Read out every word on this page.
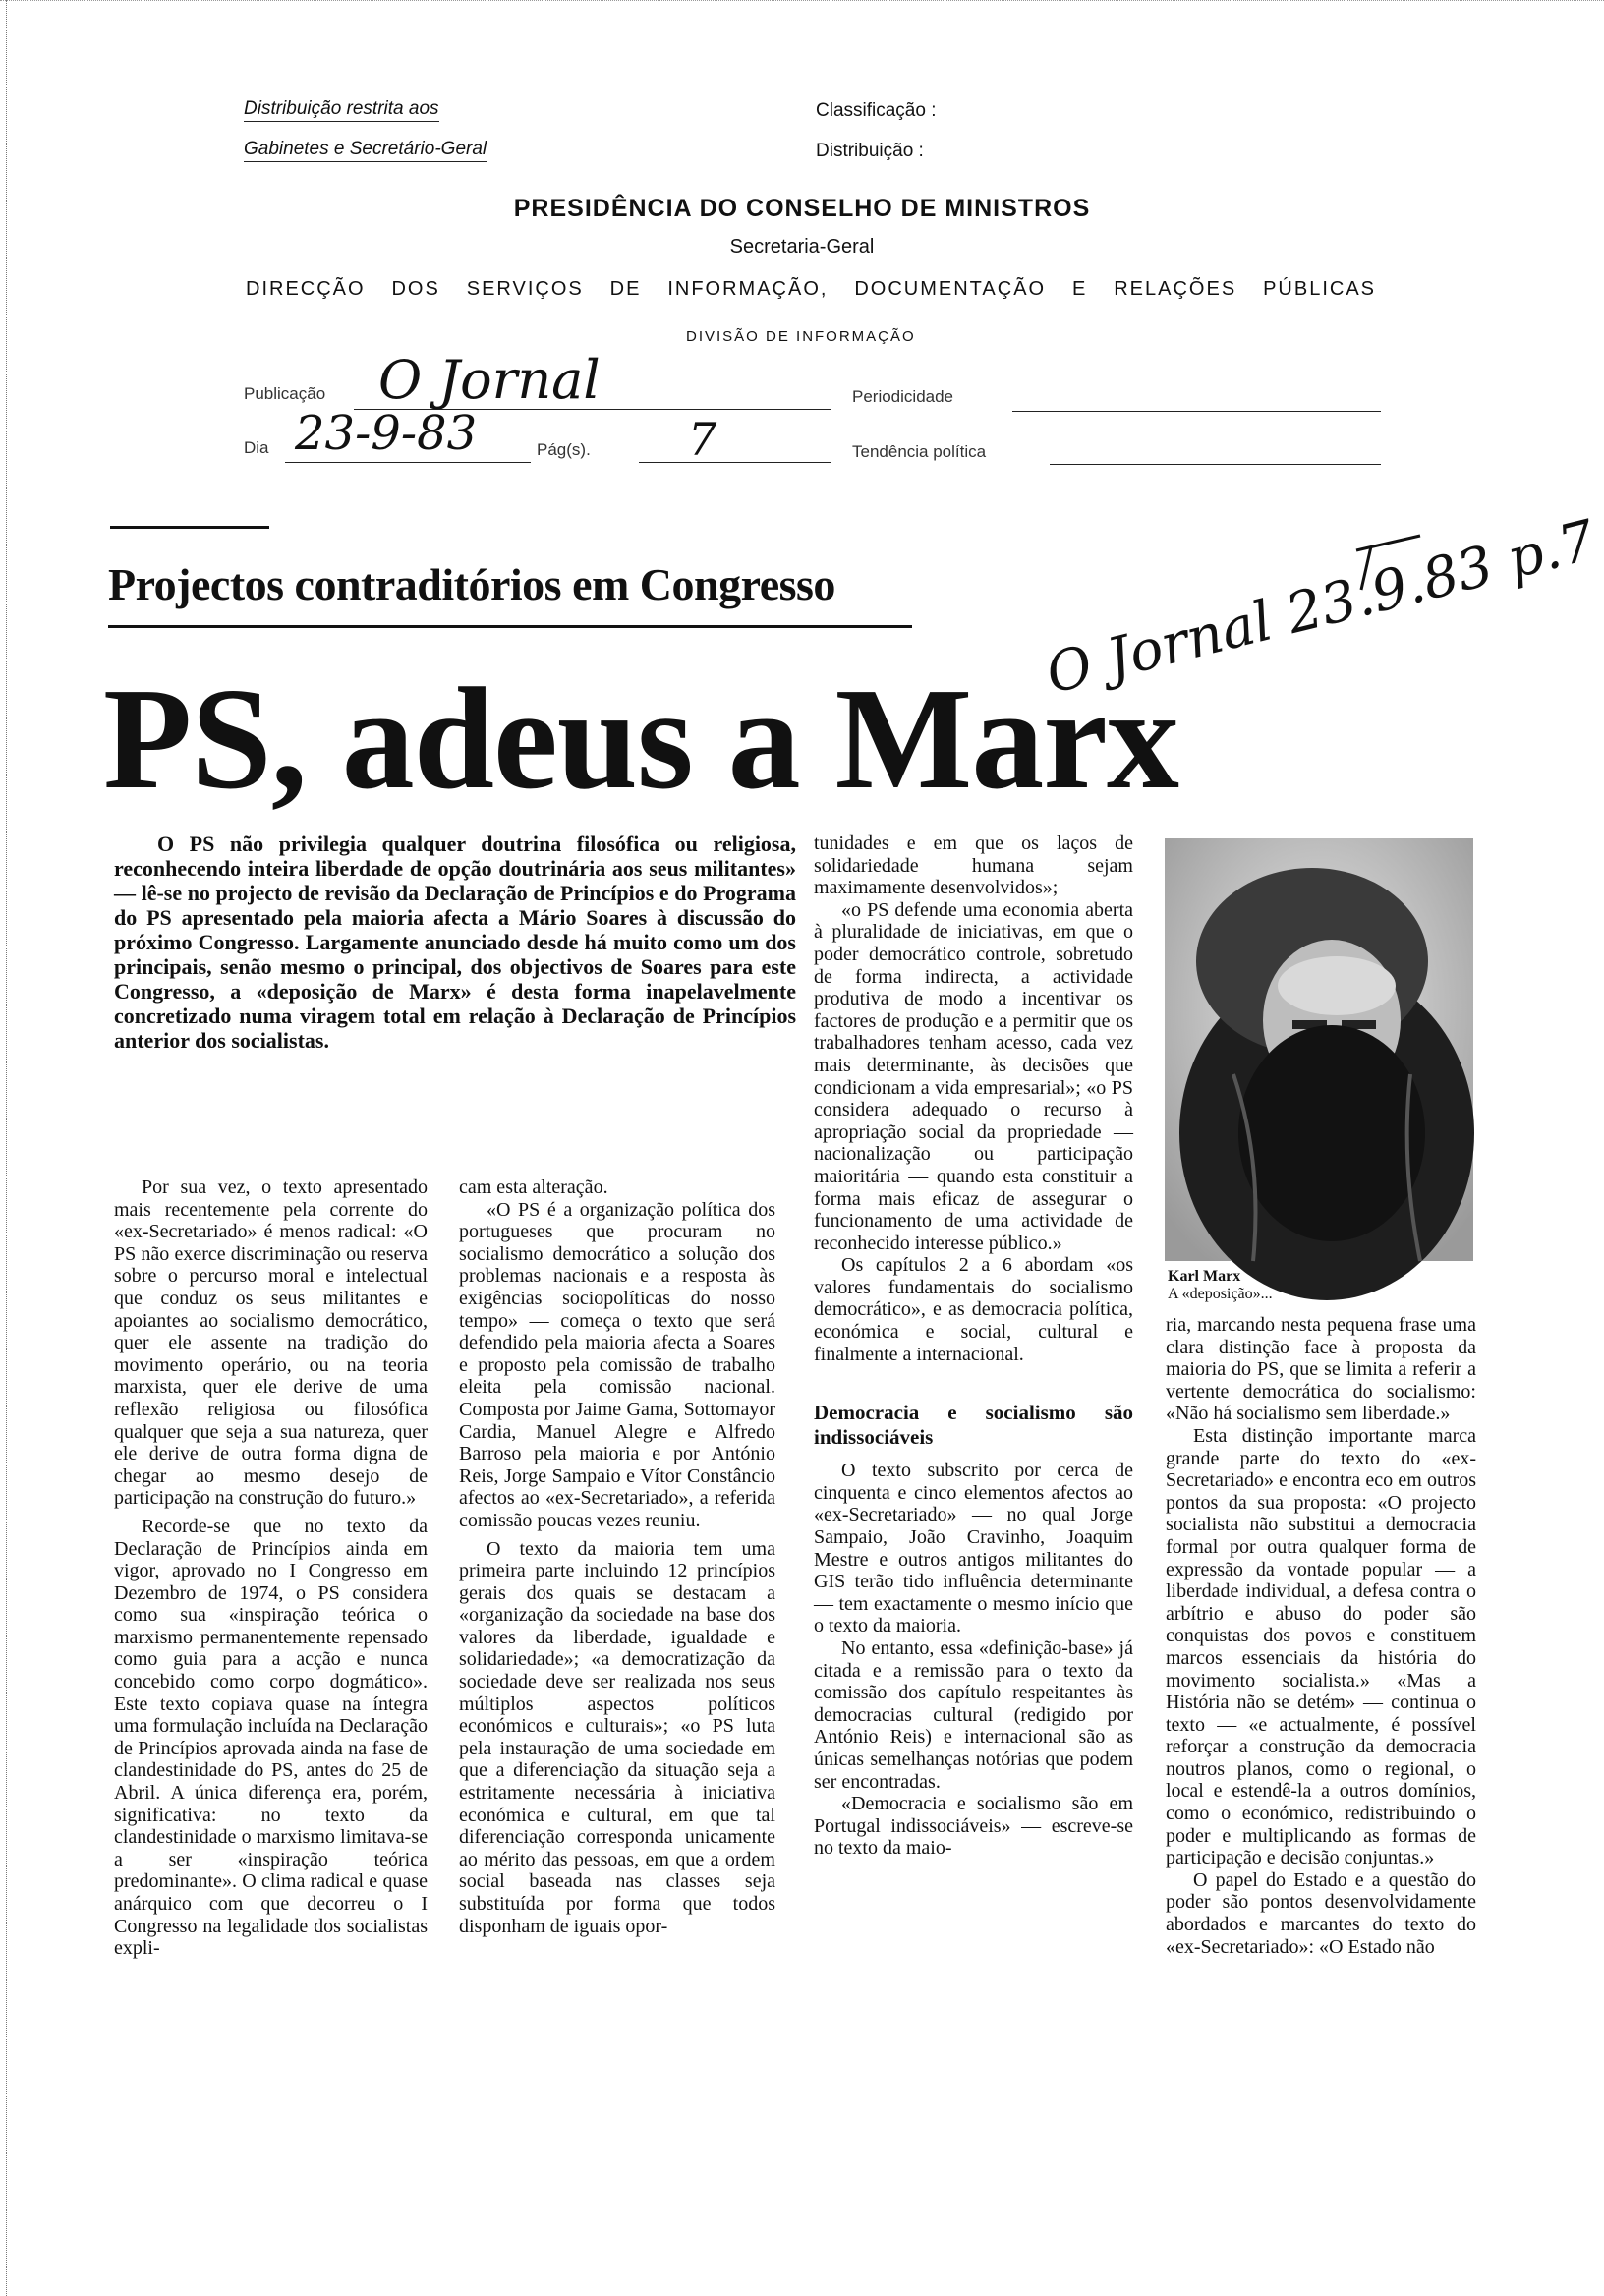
Distribuição restrita aos
Gabinetes e Secretário-Geral
Classificação :
Distribuição :
PRESIDÊNCIA DO CONSELHO DE MINISTROS
Secretaria-Geral
DIRECÇÃO DOS SERVIÇOS DE INFORMAÇÃO, DOCUMENTAÇÃO E RELAÇÕES PÚBLICAS
DIVISÃO DE INFORMAÇÃO
Publicação O Jornal	Periodicidade
Dia 23-9-83	Pág(s). 7	Tendência política
Projectos contraditórios em Congresso
PS, adeus a Marx
O Jornal 23.9.83 p.7
O PS não privilegia qualquer doutrina filosófica ou religiosa, reconhecendo inteira liberdade de opção doutrinária aos seus militantes» — lê-se no projecto de revisão da Declaração de Princípios e do Programa do PS apresentado pela maioria afecta a Mário Soares à discussão do próximo Congresso. Largamente anunciado desde há muito como um dos principais, senão mesmo o principal, dos objectivos de Soares para este Congresso, a «deposição de Marx» é desta forma inapelavelmente concretizado numa viragem total em relação à Declaração de Princípios anterior dos socialistas.

Por sua vez, o texto apresentado mais recentemente pela corrente do «ex-Secretariado» é menos radical: «O PS não exerce discriminação ou reserva sobre o percurso moral e intelectual que conduz os seus militantes e apoiantes ao socialismo democrático, quer ele assente na tradição do movimento operário, ou na teoria marxista, quer ele derive de uma reflexão religiosa ou filosófica qualquer que seja a sua natureza, quer ele derive de outra forma digna de chegar ao mesmo desejo de participação na construção do futuro.»

Recorde-se que no texto da Declaração de Princípios ainda em vigor, aprovado no I Congresso em Dezembro de 1974, o PS considera como sua «inspiração teórica o marxismo permanentemente repensado como guia para a acção e nunca concebido como corpo dogmático». Este texto copiava quase na íntegra uma formulação incluída na Declaração de Princípios aprovada ainda na fase de clandestinidade do PS, antes do 25 de Abril. A única diferença era, porém, significativa: no texto da clandestinidade o marxismo limitava-se a ser «inspiração teórica predominante». O clima radical e quase anárquico com que decorreu o I Congresso na legalidade dos socialistas expli-

cam esta alteração.

«O PS é a organização política dos portugueses que procuram no socialismo democrático a solução dos problemas nacionais e a resposta às exigências sociopolíticas do nosso tempo» — começa o texto que será defendido pela maioria afecta a Soares e proposto pela comissão de trabalho eleita pela comissão nacional. Composta por Jaime Gama, Sottomayor Cardia, Manuel Alegre e Alfredo Barroso pela maioria e por António Reis, Jorge Sampaio e Vítor Constâncio afectos ao «ex-Secretariado», a referida comissão poucas vezes reuniu.

O texto da maioria tem uma primeira parte incluindo 12 princípios gerais dos quais se destacam a «organização da sociedade na base dos valores da liberdade, igualdade e solidariedade»; «a democratização da sociedade deve ser realizada nos seus múltiplos aspectos políticos económicos e culturais»; «o PS luta pela instauração de uma sociedade em que a diferenciação da situação seja a estritamente necessária à iniciativa económica e cultural, em que tal diferenciação corresponda unicamente ao mérito das pessoas, em que a ordem social baseada nas classes seja substituída por forma que todos disponham de iguais opor-

tunidades e em que os laços de solidariedade humana sejam maximamente desenvolvidos»;

«o PS defende uma economia aberta à pluralidade de iniciativas, em que o poder democrático controle, sobretudo de forma indirecta, a actividade produtiva de modo a incentivar os factores de produção e a permitir que os trabalhadores tenham acesso, cada vez mais determinante, às decisões que condicionam a vida empresarial»; «o PS considera adequado o recurso à apropriação social da propriedade — nacionalização ou participação maioritária — quando esta constituir a forma mais eficaz de assegurar o funcionamento de uma actividade de reconhecido interesse público.»

Os capítulos 2 a 6 abordam «os valores fundamentais do socialismo democrático», e as democracia política, económica e social, cultural e finalmente a internacional.

Democracia e socialismo são indissociáveis

O texto subscrito por cerca de cinquenta e cinco elementos afectos ao «ex-Secretariado» — no qual Jorge Sampaio, João Cravinho, Joaquim Mestre e outros antigos militantes do GIS terão tido influência determinante — tem exactamente o mesmo início que o texto da maioria.

No entanto, essa «definição-base» já citada e a remissão para o texto da comissão dos capítulo respeitantes às democracias cultural (redigido por António Reis) e internacional são as únicas semelhanças notórias que podem ser encontradas.

«Democracia e socialismo são em Portugal indissociáveis» — escreve-se no texto da maio-

Karl Marx
A «deposição»...

ria, marcando nesta pequena frase uma clara distinção face à proposta da maioria do PS, que se limita a referir a vertente democrática do socialismo: «Não há socialismo sem liberdade.»

Esta distinção importante marca grande parte do texto do «ex-Secretariado» e encontra eco em outros pontos da sua proposta: «O projecto socialista não substitui a democracia formal por outra qualquer forma de expressão da vontade popular — a liberdade individual, a defesa contra o arbítrio e abuso do poder são conquistas dos povos e constituem marcos essenciais da história do movimento socialista.» «Mas a História não se detém» — continua o texto — «e actualmente, é possível reforçar a construção da democracia noutros planos, como o regional, o local e estendê-la a outros domínios, como o económico, redistribuindo o poder e multiplicando as formas de participação e decisão conjuntas.»

O papel do Estado e a questão do poder são pontos desenvolvidamente abordados e marcantes do texto do «ex-Secretariado»: «O Estado não
